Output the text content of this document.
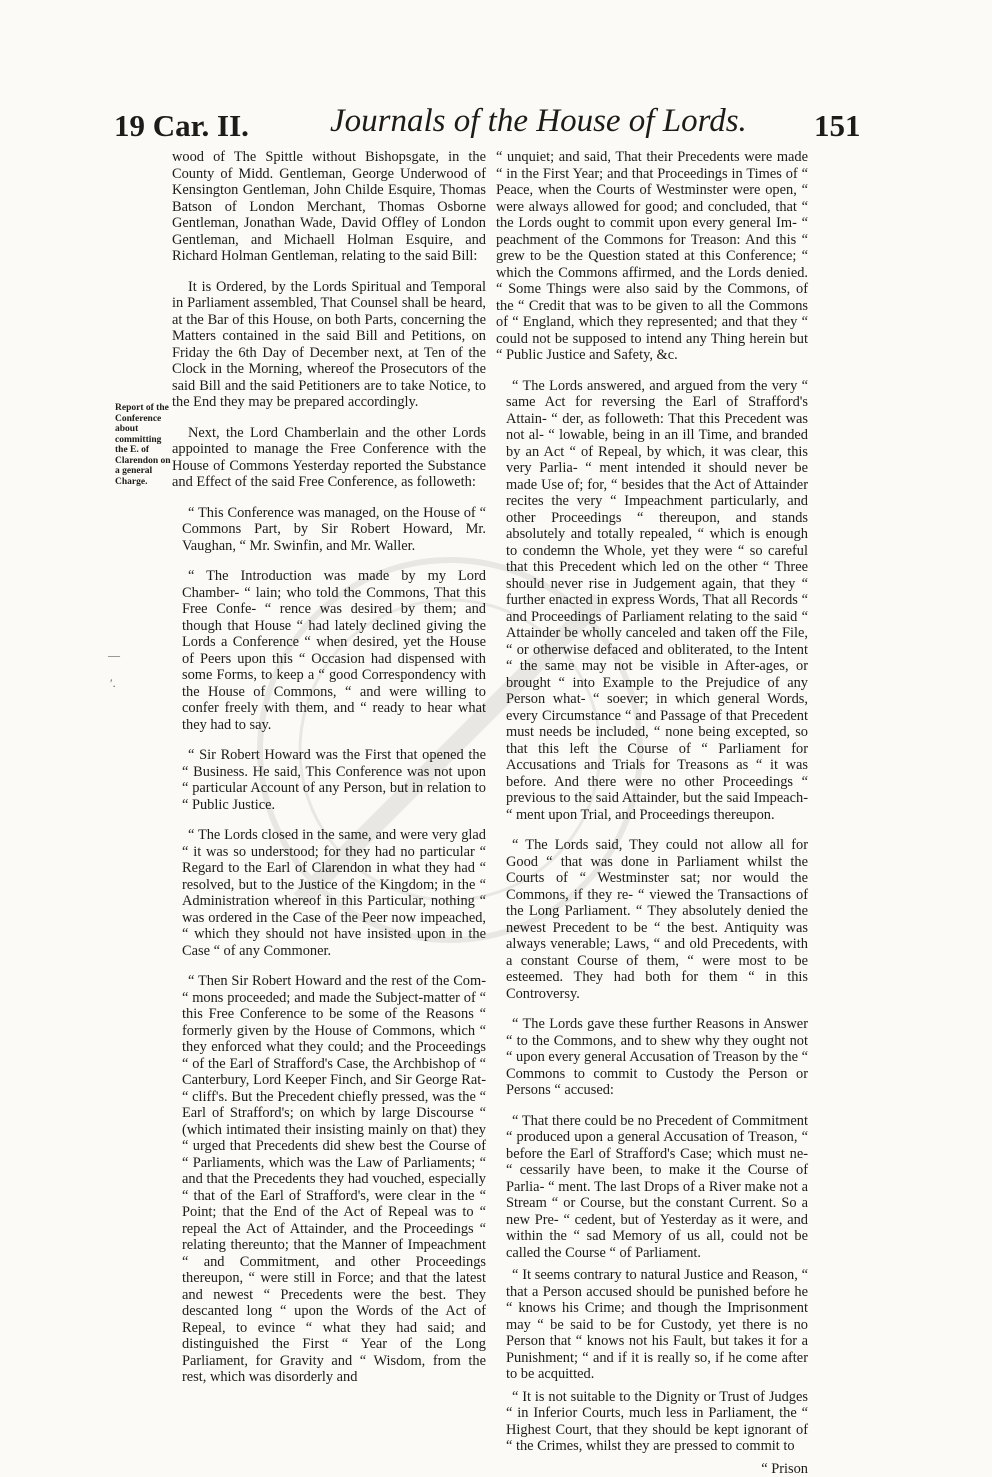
19 Car. II. Journals of the House of Lords. 151
Report of the Conference about committing the E. of Clarendon on a general Charge.
—
′.

wood of The Spittle without Bishopsgate, in the County of Midd. Gentleman, George Underwood of Kensington Gentleman, John Childe Esquire, Thomas Batson of London Merchant, Thomas Osborne Gentleman, Jonathan Wade, David Offley of London Gentleman, and Michaell Holman Esquire, and Richard Holman Gentleman, relating to the said Bill:

It is Ordered, by the Lords Spiritual and Temporal in Parliament assembled, That Counsel shall be heard, at the Bar of this House, on both Parts, concerning the Matters contained in the said Bill and Petitions, on Friday the 6th Day of December next, at Ten of the Clock in the Morning, whereof the Prosecutors of the said Bill and the said Petitioners are to take Notice, to the End they may be prepared accordingly.

Next, the Lord Chamberlain and the other Lords appointed to manage the Free Conference with the House of Commons Yesterday reported the Substance and Effect of the said Free Conference, as followeth:

“ This Conference was managed, on the House of “ Commons Part, by Sir Robert Howard, Mr. Vaughan, “ Mr. Swinfin, and Mr. Waller.

“ The Introduction was made by my Lord Chamber- “ lain; who told the Commons, That this Free Confe- “ rence was desired by them; and though that House “ had lately declined giving the Lords a Conference “ when desired, yet the House of Peers upon this “ Occasion had dispensed with some Forms, to keep a “ good Correspondency with the House of Commons, “ and were willing to confer freely with them, and “ ready to hear what they had to say.

“ Sir Robert Howard was the First that opened the “ Business. He said, This Conference was not upon “ particular Account of any Person, but in relation to “ Public Justice.

“ The Lords closed in the same, and were very glad “ it was so understood; for they had no particular “ Regard to the Earl of Clarendon in what they had “ resolved, but to the Justice of the Kingdom; in the “ Administration whereof in this Particular, nothing “ was ordered in the Case of the Peer now impeached, “ which they should not have insisted upon in the Case “ of any Commoner.

“ Then Sir Robert Howard and the rest of the Com- “ mons proceeded; and made the Subject-matter of “ this Free Conference to be some of the Reasons “ formerly given by the House of Commons, which “ they enforced what they could; and the Proceedings “ of the Earl of Strafford's Case, the Archbishop of “ Canterbury, Lord Keeper Finch, and Sir George Rat- “ cliff's. But the Precedent chiefly pressed, was the “ Earl of Strafford's; on which by large Discourse “ (which intimated their insisting mainly on that) they “ urged that Precedents did shew best the Course of “ Parliaments, which was the Law of Parliaments; “ and that the Precedents they had vouched, especially “ that of the Earl of Strafford's, were clear in the “ Point; that the End of the Act of Repeal was to “ repeal the Act of Attainder, and the Proceedings “ relating thereunto; that the Manner of Impeachment “ and Commitment, and other Proceedings thereupon, “ were still in Force; and that the latest and newest “ Precedents were the best. They descanted long “ upon the Words of the Act of Repeal, to evince “ what they had said; and distinguished the First “ Year of the Long Parliament, for Gravity and “ Wisdom, from the rest, which was disorderly and

“ unquiet; and said, That their Precedents were made “ in the First Year; and that Proceedings in Times of “ Peace, when the Courts of Westminster were open, “ were always allowed for good; and concluded, that “ the Lords ought to commit upon every general Im- “ peachment of the Commons for Treason: And this “ grew to be the Question stated at this Conference; “ which the Commons affirmed, and the Lords denied. “ Some Things were also said by the Commons, of the “ Credit that was to be given to all the Commons of “ England, which they represented; and that they “ could not be supposed to intend any Thing herein but “ Public Justice and Safety, &c.

“ The Lords answered, and argued from the very “ same Act for reversing the Earl of Strafford's Attain- “ der, as followeth: That this Precedent was not al- “ lowable, being in an ill Time, and branded by an Act “ of Repeal, by which, it was clear, this very Parlia- “ ment intended it should never be made Use of; for, “ besides that the Act of Attainder recites the very “ Impeachment particularly, and other Proceedings “ thereupon, and stands absolutely and totally repealed, “ which is enough to condemn the Whole, yet they were “ so careful that this Precedent which led on the other “ Three should never rise in Judgement again, that they “ further enacted in express Words, That all Records “ and Proceedings of Parliament relating to the said “ Attainder be wholly canceled and taken off the File, “ or otherwise defaced and obliterated, to the Intent “ the same may not be visible in After-ages, or brought “ into Example to the Prejudice of any Person what- “ soever; in which general Words, every Circumstance “ and Passage of that Precedent must needs be included, “ none being excepted, so that this left the Course of “ Parliament for Accusations and Trials for Treasons as “ it was before. And there were no other Proceedings “ previous to the said Attainder, but the said Impeach- “ ment upon Trial, and Proceedings thereupon.

“ The Lords said, They could not allow all for Good “ that was done in Parliament whilst the Courts of “ Westminster sat; nor would the Commons, if they re- “ viewed the Transactions of the Long Parliament. “ They absolutely denied the newest Precedent to be “ the best. Antiquity was always venerable; Laws, “ and old Precedents, with a constant Course of them, “ were most to be esteemed. They had both for them “ in this Controversy.

“ The Lords gave these further Reasons in Answer “ to the Commons, and to shew why they ought not “ upon every general Accusation of Treason by the “ Commons to commit to Custody the Person or Persons “ accused:

“ That there could be no Precedent of Commitment “ produced upon a general Accusation of Treason, “ before the Earl of Strafford's Case; which must ne- “ cessarily have been, to make it the Course of Parlia- “ ment. The last Drops of a River make not a Stream “ or Course, but the constant Current. So a new Pre- “ cedent, but of Yesterday as it were, and within the “ sad Memory of us all, could not be called the Course “ of Parliament.

“ It seems contrary to natural Justice and Reason, “ that a Person accused should be punished before he “ knows his Crime; and though the Imprisonment may “ be said to be for Custody, yet there is no Person that “ knows not his Fault, but takes it for a Punishment; “ and if it is really so, if he come after to be acquitted.

“ It is not suitable to the Dignity or Trust of Judges “ in Inferior Courts, much less in Parliament, the “ Highest Court, that they should be kept ignorant of “ the Crimes, whilst they are pressed to commit to

“ Prison
